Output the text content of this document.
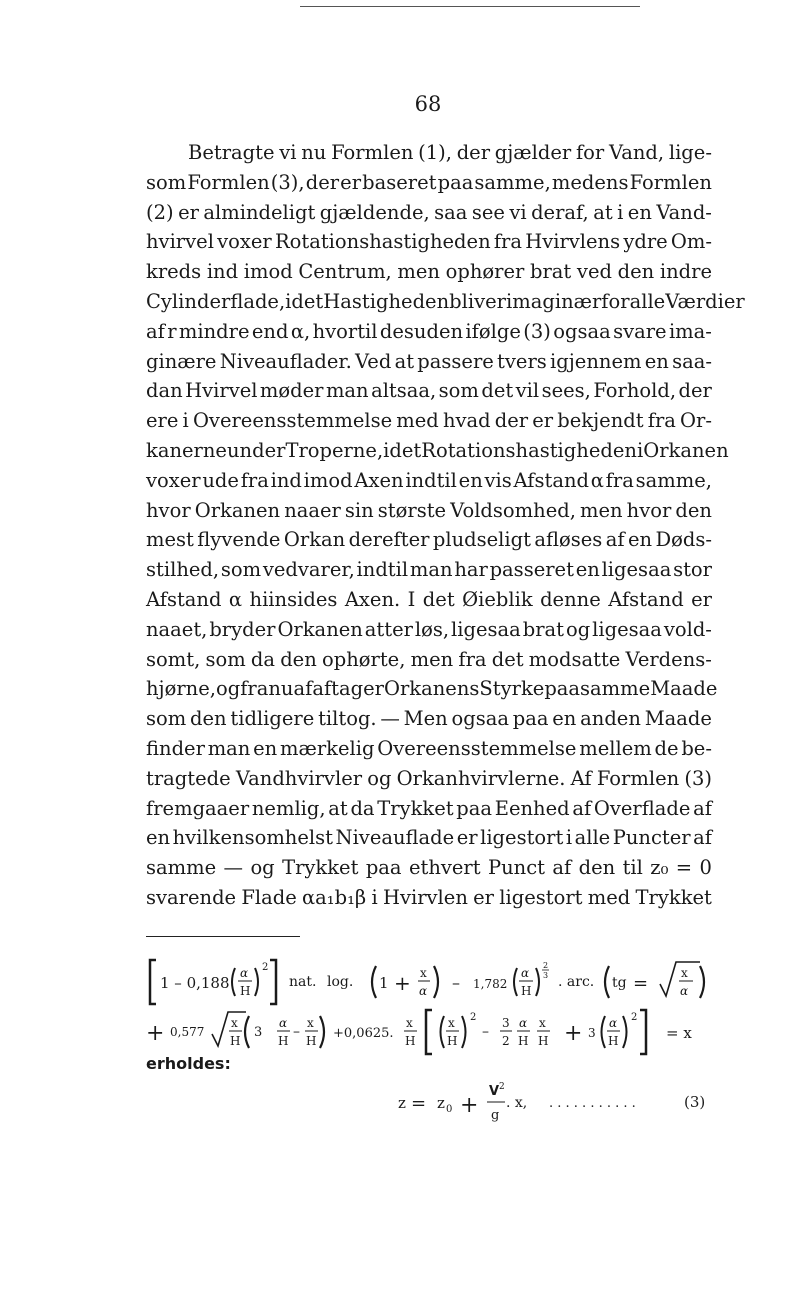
68
Betragte vi nu Formlen (1), der gjælder for Vand, lige-
som Formlen (3), der er baseret paa samme, medens Formlen
(2) er almindeligt gjældende, saa see vi deraf, at i en Vand-
hvirvel voxer Rotationshastigheden fra Hvirvlens ydre Om-
kreds ind imod Centrum, men ophører brat ved den indre
Cylinderflade, idet Hastigheden bliver imaginær for alle Værdier
af r mindre end α, hvortil desuden ifølge (3) ogsaa svare ima-
ginære Niveauflader. Ved at passere tvers igjennem en saa-
dan Hvirvel møder man altsaa, som det vil sees, Forhold, der
ere i Overeensstemmelse med hvad der er bekjendt fra Or-
kanerne under Troperne, idet Rotationshastigheden i Orkanen
voxer ude fra ind imod Axen indtil en vis Afstand α fra samme,
hvor Orkanen naaer sin største Voldsomhed, men hvor den
mest flyvende Orkan derefter pludseligt afløses af en Døds-
stilhed, som vedvarer, indtil man har passeret en ligesaa stor
Afstand α hiinsides Axen. I det Øieblik denne Afstand er
naaet, bryder Orkanen atter løs, ligesaa brat og ligesaa vold-
somt, som da den ophørte, men fra det modsatte Verdens-
hjørne, og fra nu af aftager Orkanens Styrke paa samme Maade
som den tidligere tiltog. — Men ogsaa paa en anden Maade
finder man en mærkelig Overeensstemmelse mellem de be-
tragtede Vandhvirvler og Orkanhvirvlerne. Af Formlen (3)
fremgaaer nemlig, at da Trykket paa Eenhed af Overflade af
en hvilkensomhelst Niveauflade er ligestort i alle Puncter af
samme — og Trykket paa ethvert Punct af den til z₀ = 0
svarende Flade αa₁b₁β i Hvirvlen er ligestort med Trykket
1 – 0,188
α
H
2
nat. log. 1 + x
α – 1,782
α
H
2
3 . arc. tg =	x
α
+ 0,577
x
H
3
α
H
–
x
H +0,0625.
x
H
x
H
2
–
3
2
α
H
x
H + 3
α
H
2
= x
z = z 0 +
V 2
g
. x, . . . . . . . . . . .	(3)
erholdes:
